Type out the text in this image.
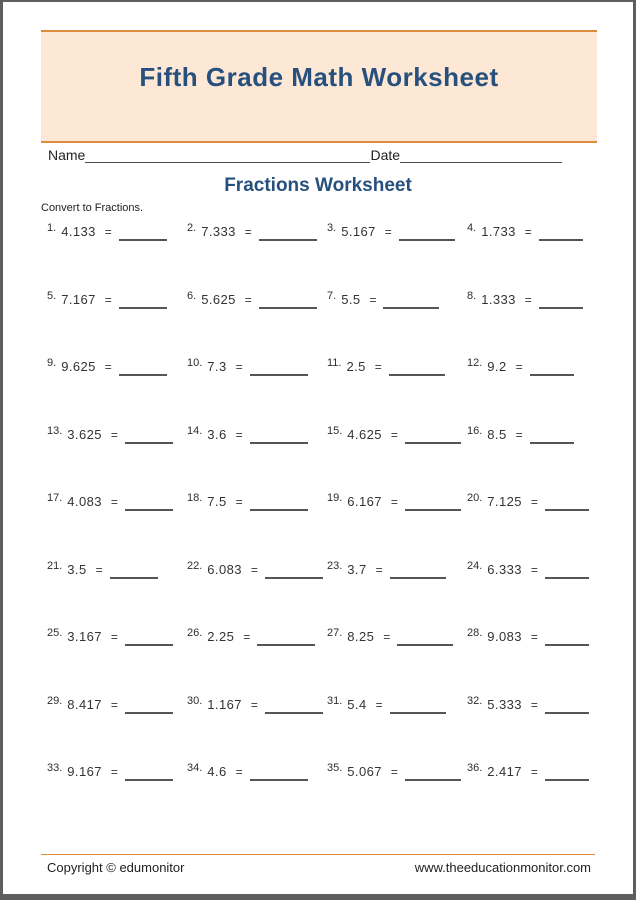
Fifth Grade Math Worksheet
Name	Date
Fractions Worksheet
Convert to Fractions.
$^{1.}$ 4.133 =	$^{2.}$ 7.333 =	$^{3.}$ 5.167 =	$^{4.}$ 1.733 =
$^{5.}$ 7.167 =	$^{6.}$ 5.625 =	$^{7.}$ 5.5 =	$^{8.}$ 1.333 =
$^{9.}$ 9.625 =	$^{10.}$ 7.3 =	$^{11.}$ 2.5 =	$^{12.}$ 9.2 =
$^{13.}$ 3.625 =	$^{14.}$ 3.6 =	$^{15.}$ 4.625 =	$^{16.}$ 8.5 =
$^{17.}$ 4.083 =	$^{18.}$ 7.5 =	$^{19.}$ 6.167 =	$^{20.}$ 7.125 =
$^{21.}$ 3.5 =	$^{22.}$ 6.083 =	$^{23.}$ 3.7 =	$^{24.}$ 6.333 =
$^{25.}$ 3.167 =	$^{26.}$ 2.25 =	$^{27.}$ 8.25 =	$^{28.}$ 9.083 =
$^{29.}$ 8.417 =	$^{30.}$ 1.167 =	$^{31.}$ 5.4 =	$^{32.}$ 5.333 =
$^{33.}$ 9.167 =	$^{34.}$ 4.6 =	$^{35.}$ 5.067 =	$^{36.}$ 2.417 =
Copyright © edumonitor	www.theeducationmonitor.com
